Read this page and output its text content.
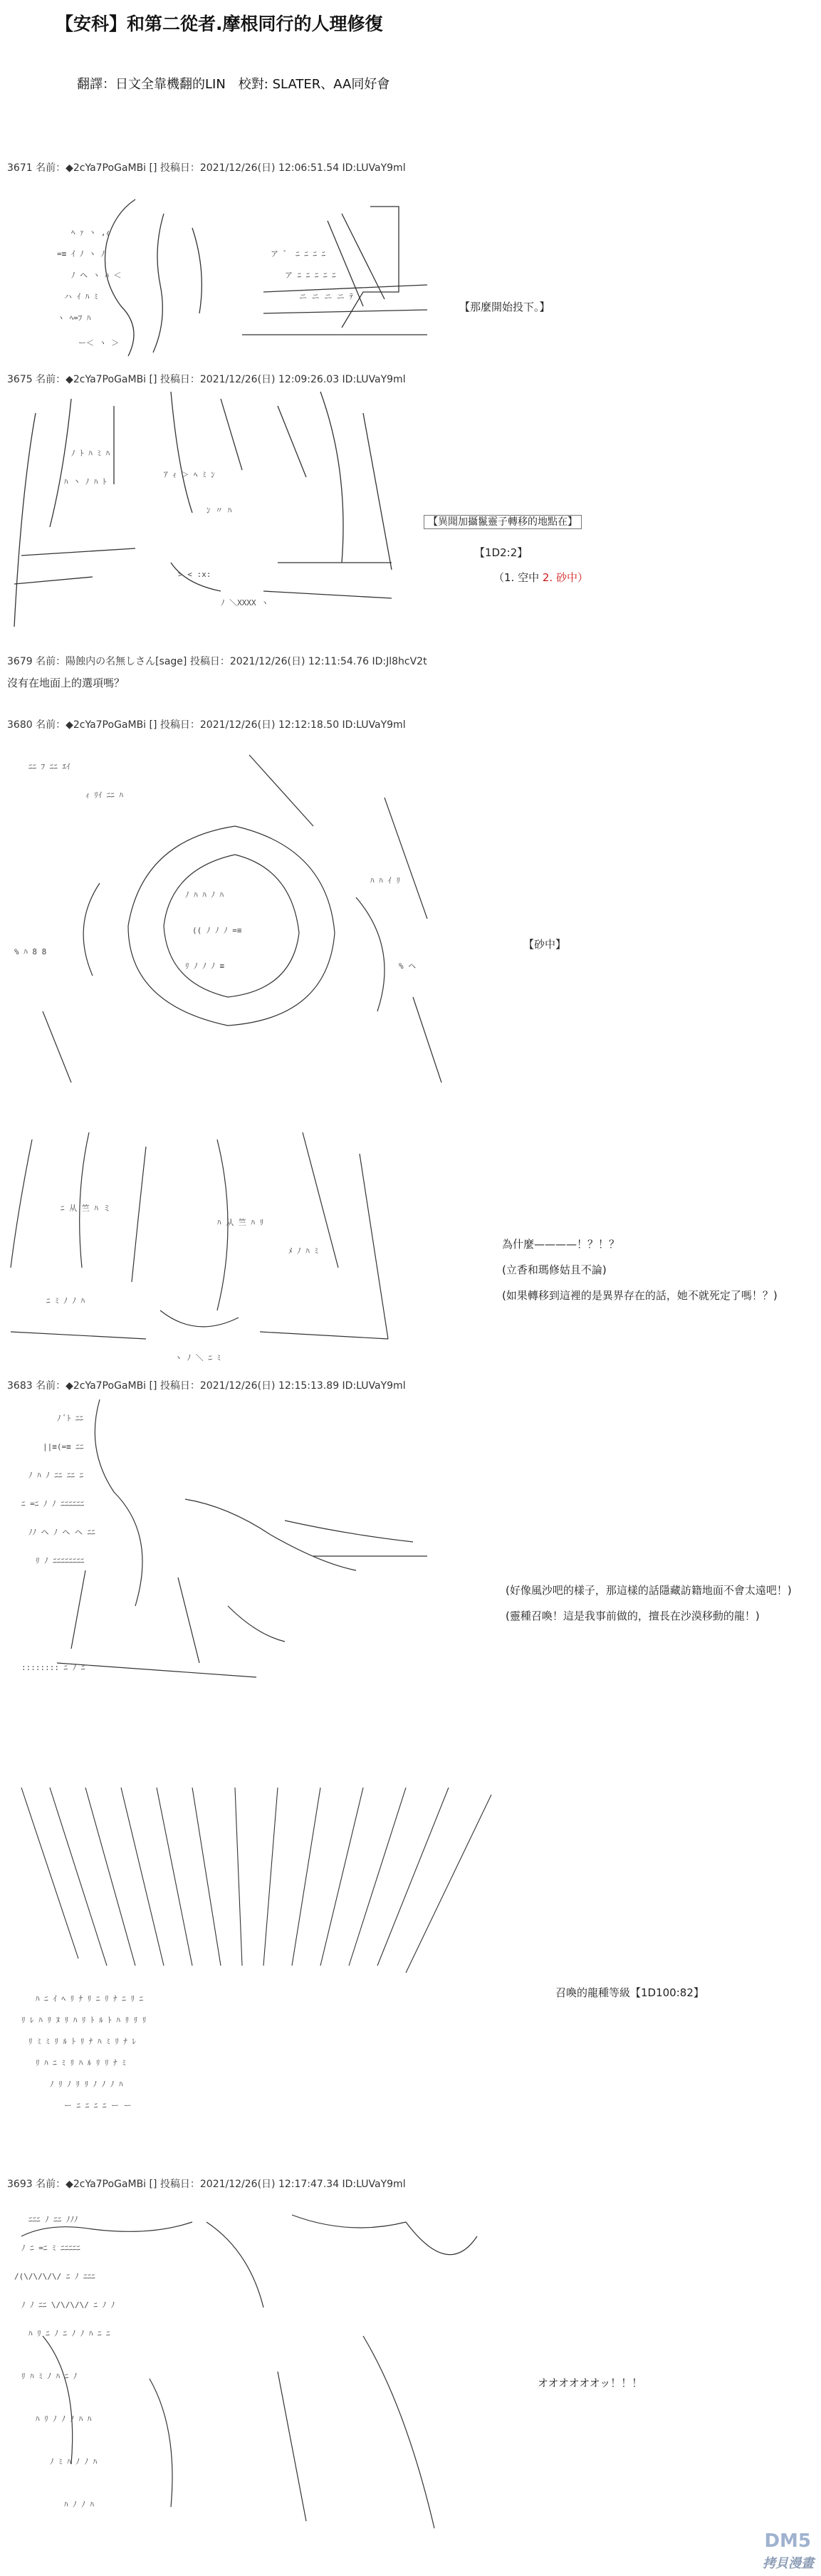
【安科】和第二從者.摩根同行的人理修復
翻譯：日文全靠機翻的LIN　校對: SLATER、AA同好會
3671 名前：◆2cYa7PoGaMBi [] 投稿日：2021/12/26(日) 12:06:51.54 ID:LUVaY9ml
ﾍ ｧ ヽ ,ｨ
=≡ ｲ ﾉ ヽ ﾉ
ﾉ ヘ ヽ ﾊ ＜
ハ ｲ ﾊ ﾐ
ヽ ﾍ=ﾌ ﾊ
ー＜ ヽ ＞
ア ゛ ﾆ ﾆ ﾆ ﾆ
ア ﾆ ﾆ ﾆ ﾆ ﾆ
ニ ニ ニ ニ ﾃ
【那麼開始投下。】
3675 名前：◆2cYa7PoGaMBi [] 投稿日：2021/12/26(日) 12:09:26.03 ID:LUVaY9ml
ﾉ ﾄ ﾊ ﾐ ﾊ
ﾊ 丶 ﾉ ﾊ ﾄ
ｱ ｨ ＞ ﾍ ﾐ ﾝ
ﾝ 〃 ﾊ
> < :x:
ﾉ ＼XXXX ヽ
【異聞加攝鬣靈子轉移的地點在】
【1D2:2】
（1. 空中 2. 砂中）
3679 名前：陽蝕内の名無しさん[sage] 投稿日：2021/12/26(日) 12:11:54.76 ID:Jl8hcV2t
沒有在地面上的選項嗎？
3680 名前：◆2cYa7PoGaMBi [] 投稿日：2021/12/26(日) 12:12:18.50 ID:LUVaY9ml
ﾆﾆ ﾌ ﾆﾆ ｴｲ
ｨ ﾘｲ ﾆﾆ ﾊ
ﾉ ﾊ ﾊ ﾉ ﾊ
(( ﾉ ﾉ ﾉ =≡
ﾘ ﾉ ﾉ ﾉ ≡
% ﾊ 8 8
ﾊ ﾊ ｲ ﾘ
% ヘ
【砂中】
ﾆ 从 竺 ﾊ ミ
ﾊ 从 竺 ﾊ ﾘ
ﾆ ﾐ ﾉ ﾉ ﾊ
ヽ ﾉ ＼ ﾆ ﾐ
ﾒ ﾉ ﾊ ﾐ
為什麼————！？！？
(立香和瑪修姑且不論)
(如果轉移到這裡的是異界存在的話，她不就死定了嗎！？)
3683 名前：◆2cYa7PoGaMBi [] 投稿日：2021/12/26(日) 12:15:13.89 ID:LUVaY9ml
ﾉ ﾞﾄ ﾆﾆ
||≡(=≡ ﾆﾆ
ﾉ ﾊ ﾉ ﾆﾆ ﾆﾆ ﾆ
ﾆ =ﾆ ﾉ ﾉ ﾆﾆﾆﾆﾆﾆ
ﾉﾉ ヘ ﾉ ヘ ヘ ﾆﾆ
ﾘ ﾉ ﾆﾆﾆﾆﾆﾆﾆﾆ
:::::::: ﾆ ﾉ ﾆ
(好像風沙吧的樣子，那這樣的話隱藏訪籍地面不會太遠吧！)
(靈種召喚！這是我事前做的，擅長在沙漠移動的龍！)
ﾊ ﾆ ｲ ﾍ ﾘ ﾅ ﾘ ﾆ ﾘ ﾅ ﾆ ﾘ ﾆ
ﾘ ﾚ ﾊ ﾘ ﾇ ﾘ ﾊ ﾘ ﾄ ﾙ ﾄ ﾊ ﾘ ﾘ ﾘ
ﾘ ﾐ ﾐ ﾘ ﾙ ﾄ ﾘ ﾅ ﾊ ﾐ ﾘ ﾅ ﾚ
ﾘ ﾊ ﾆ ﾐ ﾘ ﾊ ﾙ ﾘ ﾘ ﾅ ﾐ
ﾉ ﾘ ﾉ ﾘ ﾘ ﾉ ﾉ ﾉ ﾊ
ー ﾆ ﾆ ﾆ ﾆ ー ー
召喚的龍種等級【1D100:82】
3693 名前：◆2cYa7PoGaMBi [] 投稿日：2021/12/26(日) 12:17:47.34 ID:LUVaY9ml
ﾆﾆﾆ ﾉ ﾆﾆ ﾉﾉﾉ
ﾉ ﾆ =ﾆ ﾐ ﾆﾆﾆﾆﾆ
/(\/\/\/\/ ﾆ ﾉ ﾆﾆﾆ
ﾉ ﾉ ﾆﾆ \/\/\/\/ ﾆ ﾉ ﾉ
ﾊ ﾘ ﾆ ﾉ ﾆ ﾉ ﾉ ﾊ ﾆ ﾆ
ﾘ ﾊ ﾐ ﾉ ﾊ ﾆ ﾉ
ﾊ ﾘ ﾉ ﾉ ﾉ ﾊ ﾊ
ﾉ ﾐ ﾊ ﾉ ﾉ ﾊ
ﾊ ﾉ ﾉ ﾊ
オオオオオオッ！！！
DM5
拷貝漫畫
